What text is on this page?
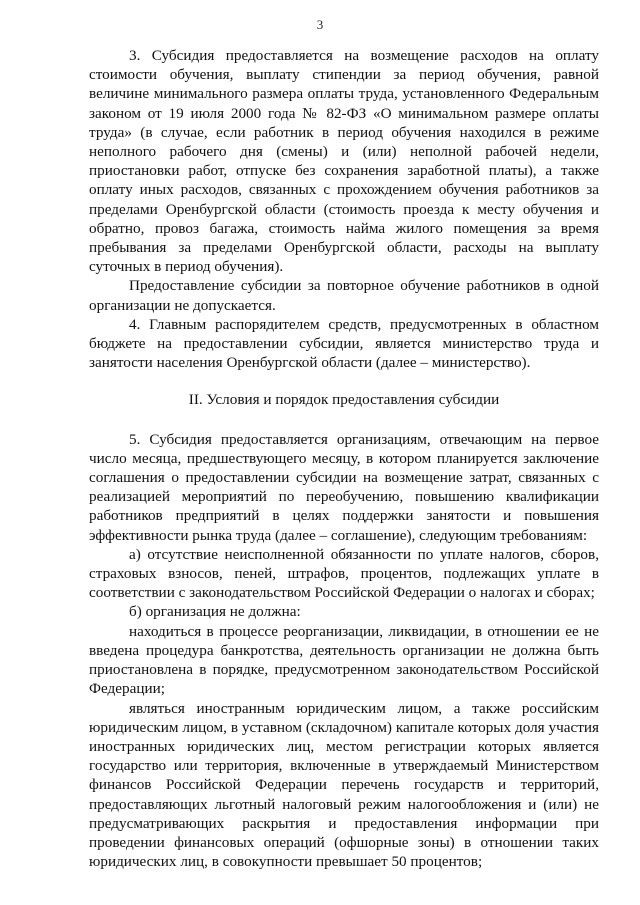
3

3. Субсидия предоставляется на возмещение расходов на оплату стоимости обучения, выплату стипендии за период обучения, равной величине минимального размера оплаты труда, установленного Федеральным законом от 19 июля 2000 года № 82-ФЗ «О минимальном размере оплаты труда» (в случае, если работник в период обучения находился в режиме неполного рабочего дня (смены) и (или) неполной рабочей недели, приостановки работ, отпуске без сохранения заработной платы), а также оплату иных расходов, связанных с прохождением обучения работников за пределами Оренбургской области (стоимость проезда к месту обучения и обратно, провоз багажа, стоимость найма жилого помещения за время пребывания за пределами Оренбургской области, расходы на выплату суточных в период обучения).

Предоставление субсидии за повторное обучение работников в одной организации не допускается.

4. Главным распорядителем средств, предусмотренных в областном бюджете на предоставлении субсидии, является министерство труда и занятости населения Оренбургской области (далее – министерство).

II. Условия и порядок предоставления субсидии

5. Субсидия предоставляется организациям, отвечающим на первое число месяца, предшествующего месяцу, в котором планируется заключение соглашения о предоставлении субсидии на возмещение затрат, связанных с реализацией мероприятий по переобучению, повышению квалификации работников предприятий в целях поддержки занятости и повышения эффективности рынка труда (далее – соглашение), следующим требованиям:

а) отсутствие неисполненной обязанности по уплате налогов, сборов, страховых взносов, пеней, штрафов, процентов, подлежащих уплате в соответствии с законодательством Российской Федерации о налогах и сборах;

б) организация не должна:

находиться в процессе реорганизации, ликвидации, в отношении ее не введена процедура банкротства, деятельность организации не должна быть приостановлена в порядке, предусмотренном законодательством Российской Федерации;

являться иностранным юридическим лицом, а также российским юридическим лицом, в уставном (складочном) капитале которых доля участия иностранных юридических лиц, местом регистрации которых является государство или территория, включенные в утверждаемый Министерством финансов Российской Федерации перечень государств и территорий, предоставляющих льготный налоговый режим налогообложения и (или) не предусматривающих раскрытия и предоставления информации при проведении финансовых операций (офшорные зоны) в отношении таких юридических лиц, в совокупности превышает 50 процентов;
